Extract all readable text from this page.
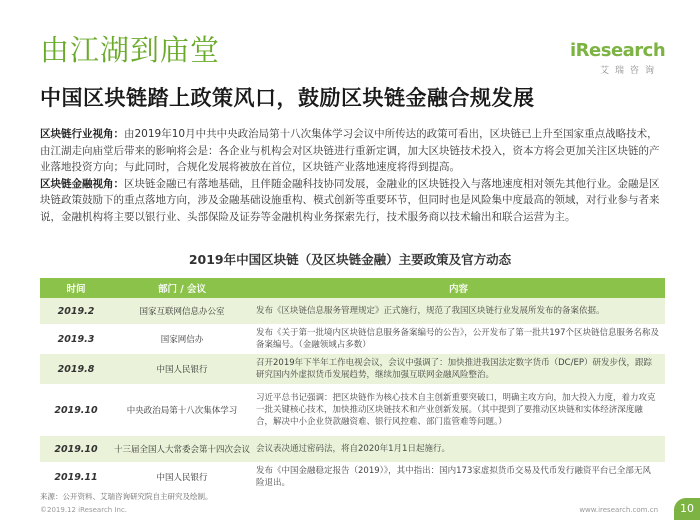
由江湖到庙堂
中国区块链踏上政策风口，鼓励区块链金融合规发展
iResearch
艾瑞咨询

区块链行业视角：由2019年10月中共中央政治局第十八次集体学习会议中所传达的政策可看出，区块链已上升至国家重点战略技术，由江湖走向庙堂后带来的影响将会是：各企业与机构会对区块链进行重新定调，加大区块链技术投入，资本方将会更加关注区块链的产业落地投资方向；与此同时，合规化发展将被放在首位，区块链产业落地速度将得到提高。

区块链金融视角：区块链金融已有落地基础，且伴随金融科技协同发展，金融业的区块链投入与落地速度相对领先其他行业。金融是区块链政策鼓励下的重点落地方向，涉及金融基础设施重构、模式创新等重要环节，但同时也是风险集中度最高的领域，对行业参与者来说，金融机构将主要以银行业、头部保险及证券等金融机构业务探索先行，技术服务商以技术输出和联合运营为主。

2019年中国区块链（及区块链金融）主要政策及官方动态
时间	部门 / 会议	内容
2019.2	国家互联网信息办公室	发布《区块链信息服务管理规定》正式施行，规范了我国区块链行业发展所发布的备案依据。
2019.3	国家网信办	发布《关于第一批境内区块链信息服务备案编号的公告》，公开发布了第一批共197个区块链信息服务名称及备案编号。（金融领域占多数）
2019.8	中国人民银行	召开2019年下半年工作电视会议，会议中强调了：加快推进我国法定数字货币（DC/EP）研发步伐，跟踪研究国内外虚拟货币发展趋势，继续加强互联网金融风险整治。
2019.10	中央政治局第十八次集体学习	习近平总书记强调：把区块链作为核心技术自主创新重要突破口，明确主攻方向，加大投入力度，着力攻克一批关键核心技术，加快推动区块链技术和产业创新发展。（其中提到了要推动区块链和实体经济深度融合，解决中小企业贷款融资难、银行风控难、部门监管难等问题。）
2019.10	十三届全国人大常委会第十四次会议	会议表决通过密码法，将自2020年1月1日起施行。
2019.11	中国人民银行	发布《中国金融稳定报告（2019）》，其中指出：国内173家虚拟货币交易及代币发行融资平台已全部无风险退出。
来源：公开资料、艾瑞咨询研究院自主研究及绘制。
©2019.12 iResearch Inc.	www.iresearch.com.cn	10
